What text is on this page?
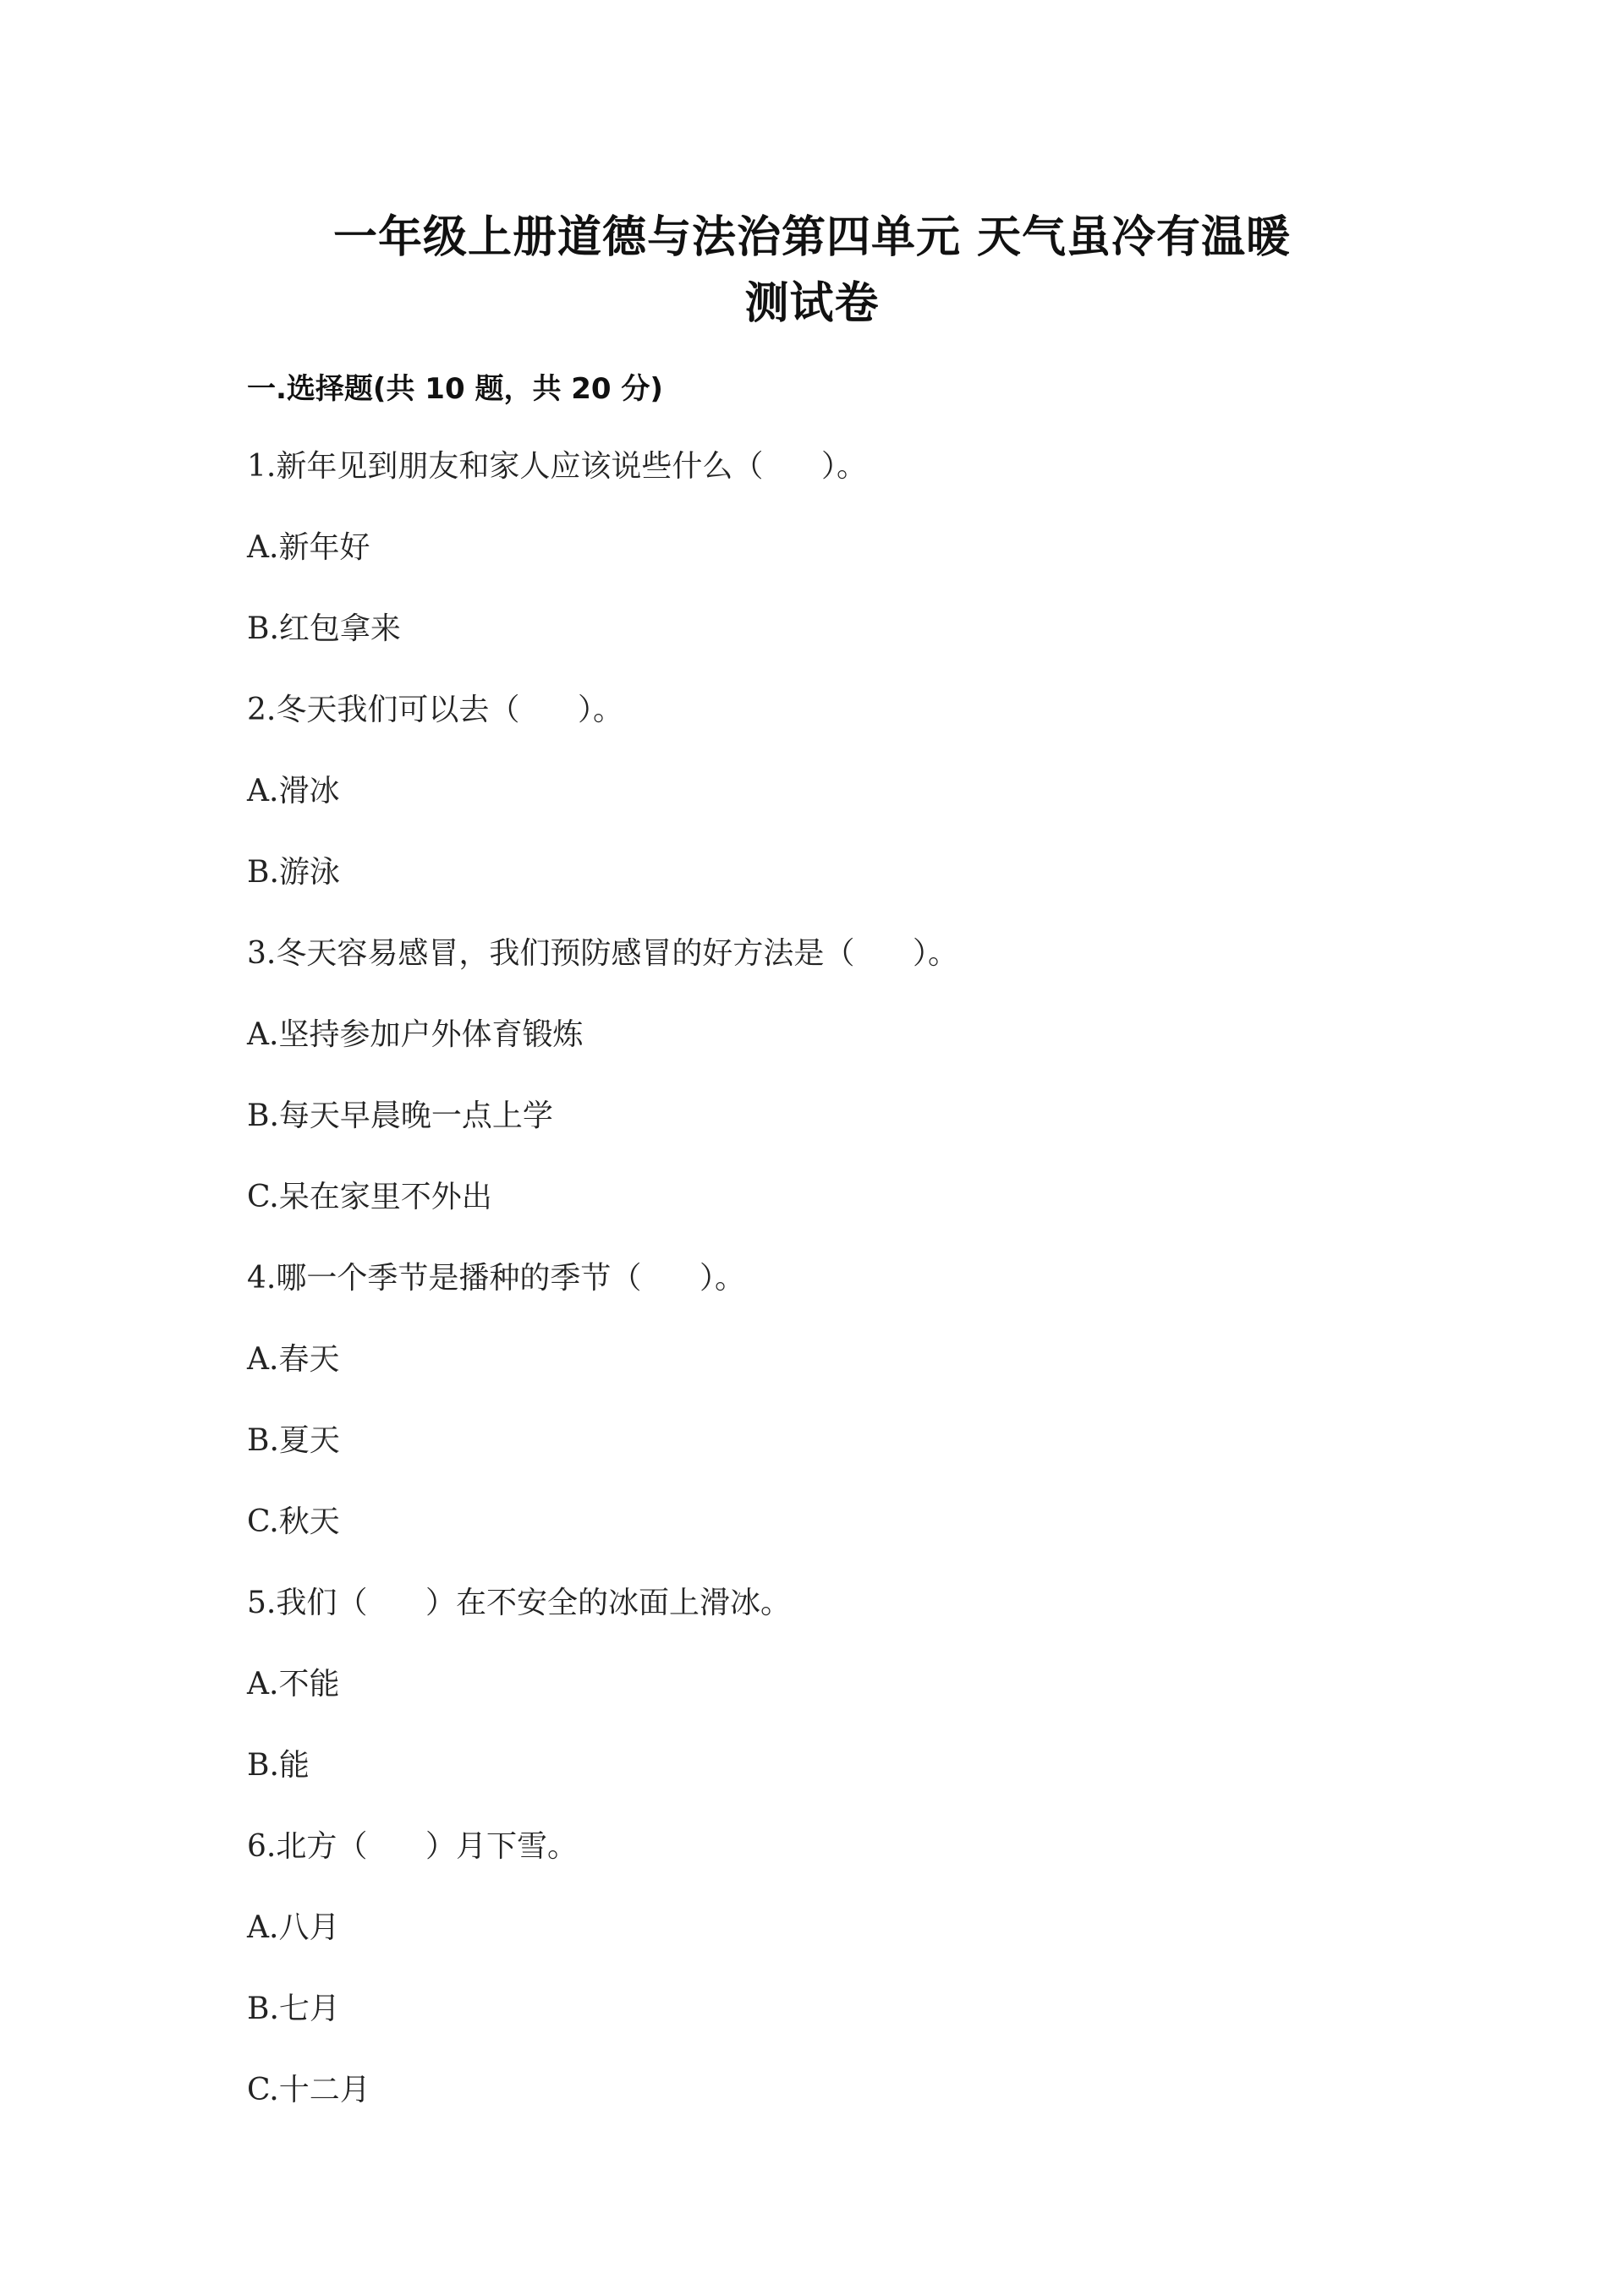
一年级上册道德与法治第四单元 天气虽冷有温暖
测试卷
一.选择题(共 10 题，共 20 分)
1.新年见到朋友和家人应该说些什么（      ）。
A.新年好
B.红包拿来
2.冬天我们可以去（      ）。
A.滑冰
B.游泳
3.冬天容易感冒，我们预防感冒的好方法是（      ）。
A.坚持参加户外体育锻炼
B.每天早晨晚一点上学
C.呆在家里不外出
4.哪一个季节是播种的季节（      ）。
A.春天
B.夏天
C.秋天
5.我们（      ）在不安全的冰面上滑冰。
A.不能
B.能
6.北方（      ）月下雪。
A.八月
B.七月
C.十二月
